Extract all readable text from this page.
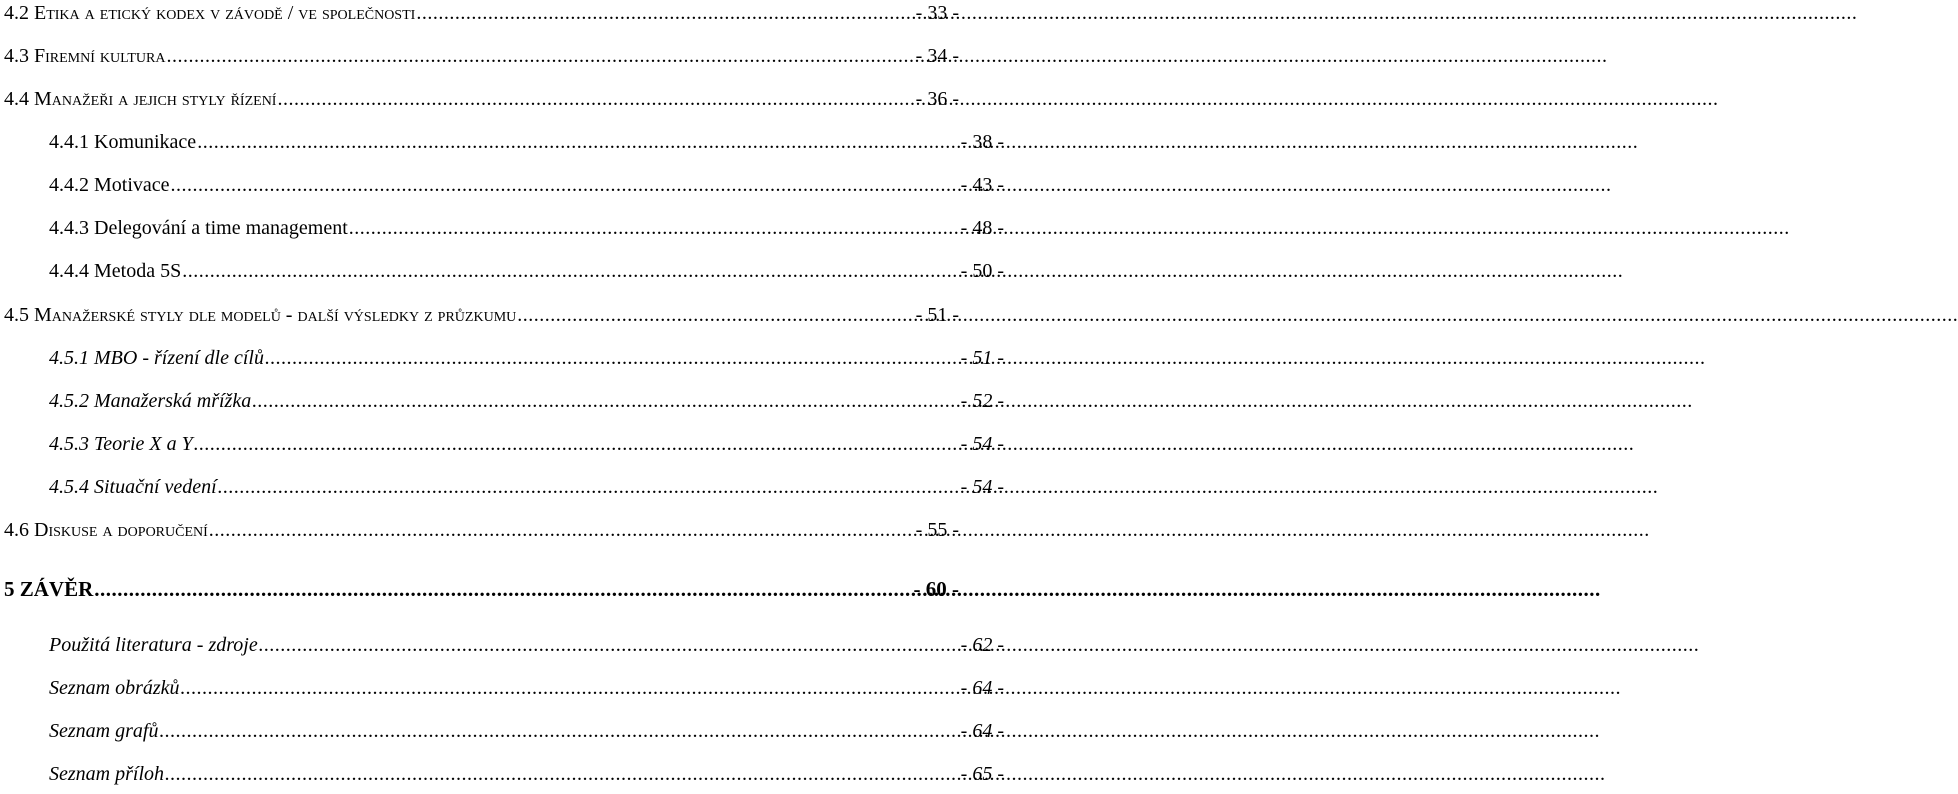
4.2 Etika a etický kodex v závodě / ve společnosti .....	- 33 -
4.3 Firemní kultura .....	- 34 -
4.4 Manažeři a jejich styly řízení .....	- 36 -
4.4.1 Komunikace .....	- 38 -
4.4.2 Motivace .....	- 43 -
4.4.3 Delegování a time management .....	- 48 -
4.4.4 Metoda 5S .....	- 50 -
4.5 Manažerské styly dle modelů - další výsledky z průzkumu .....	- 51 -
4.5.1 MBO - řízení dle cílů .....	- 51 -
4.5.2 Manažerská mřížka .....	- 52 -
4.5.3 Teorie X a Y .....	- 54 -
4.5.4 Situační vedení .....	- 54 -
4.6 Diskuse a doporučení .....	- 55 -
5 ZÁVĚR .....	- 60 -
Použitá literatura - zdroje .....	- 62 -
Seznam obrázků .....	- 64 -
Seznam grafů .....	- 64 -
Seznam příloh .....	- 65 -
